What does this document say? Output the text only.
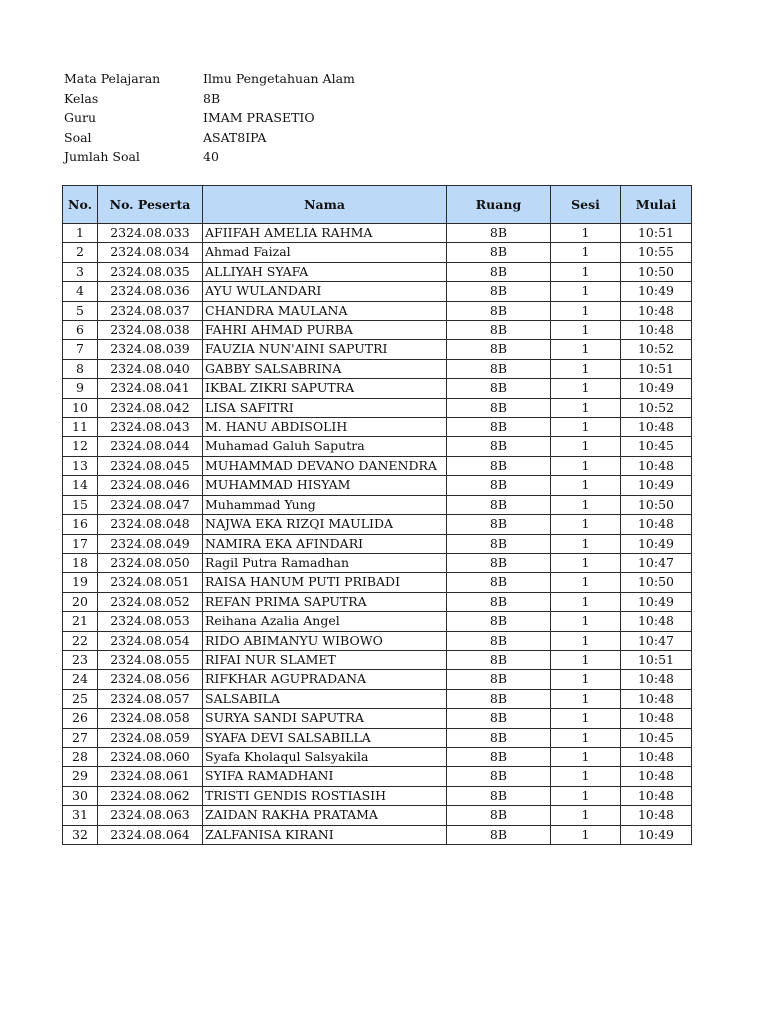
Mata Pelajaran	Ilmu Pengetahuan Alam
Kelas	8B
Guru	IMAM PRASETIO
Soal	ASAT8IPA
Jumlah Soal	40
No.	No. Peserta	Nama	Ruang	Sesi	Mulai
1	2324.08.033	AFIIFAH AMELIA RAHMA	8B	1	10:51
2	2324.08.034	Ahmad Faizal	8B	1	10:55
3	2324.08.035	ALLIYAH SYAFA	8B	1	10:50
4	2324.08.036	AYU WULANDARI	8B	1	10:49
5	2324.08.037	CHANDRA MAULANA	8B	1	10:48
6	2324.08.038	FAHRI AHMAD PURBA	8B	1	10:48
7	2324.08.039	FAUZIA NUN'AINI SAPUTRI	8B	1	10:52
8	2324.08.040	GABBY SALSABRINA	8B	1	10:51
9	2324.08.041	IKBAL ZIKRI SAPUTRA	8B	1	10:49
10	2324.08.042	LISA SAFITRI	8B	1	10:52
11	2324.08.043	M. HANU ABDISOLIH	8B	1	10:48
12	2324.08.044	Muhamad Galuh Saputra	8B	1	10:45
13	2324.08.045	MUHAMMAD DEVANO DANENDRA	8B	1	10:48
14	2324.08.046	MUHAMMAD HISYAM	8B	1	10:49
15	2324.08.047	Muhammad Yung	8B	1	10:50
16	2324.08.048	NAJWA EKA RIZQI MAULIDA	8B	1	10:48
17	2324.08.049	NAMIRA EKA AFINDARI	8B	1	10:49
18	2324.08.050	Ragil Putra Ramadhan	8B	1	10:47
19	2324.08.051	RAISA HANUM PUTI PRIBADI	8B	1	10:50
20	2324.08.052	REFAN PRIMA SAPUTRA	8B	1	10:49
21	2324.08.053	Reihana Azalia Angel	8B	1	10:48
22	2324.08.054	RIDO ABIMANYU WIBOWO	8B	1	10:47
23	2324.08.055	RIFAI NUR SLAMET	8B	1	10:51
24	2324.08.056	RIFKHAR AGUPRADANA	8B	1	10:48
25	2324.08.057	SALSABILA	8B	1	10:48
26	2324.08.058	SURYA SANDI SAPUTRA	8B	1	10:48
27	2324.08.059	SYAFA DEVI SALSABILLA	8B	1	10:45
28	2324.08.060	Syafa Kholaqul Salsyakila	8B	1	10:48
29	2324.08.061	SYIFA RAMADHANI	8B	1	10:48
30	2324.08.062	TRISTI GENDIS ROSTIASIH	8B	1	10:48
31	2324.08.063	ZAIDAN RAKHA PRATAMA	8B	1	10:48
32	2324.08.064	ZALFANISA KIRANI	8B	1	10:49
